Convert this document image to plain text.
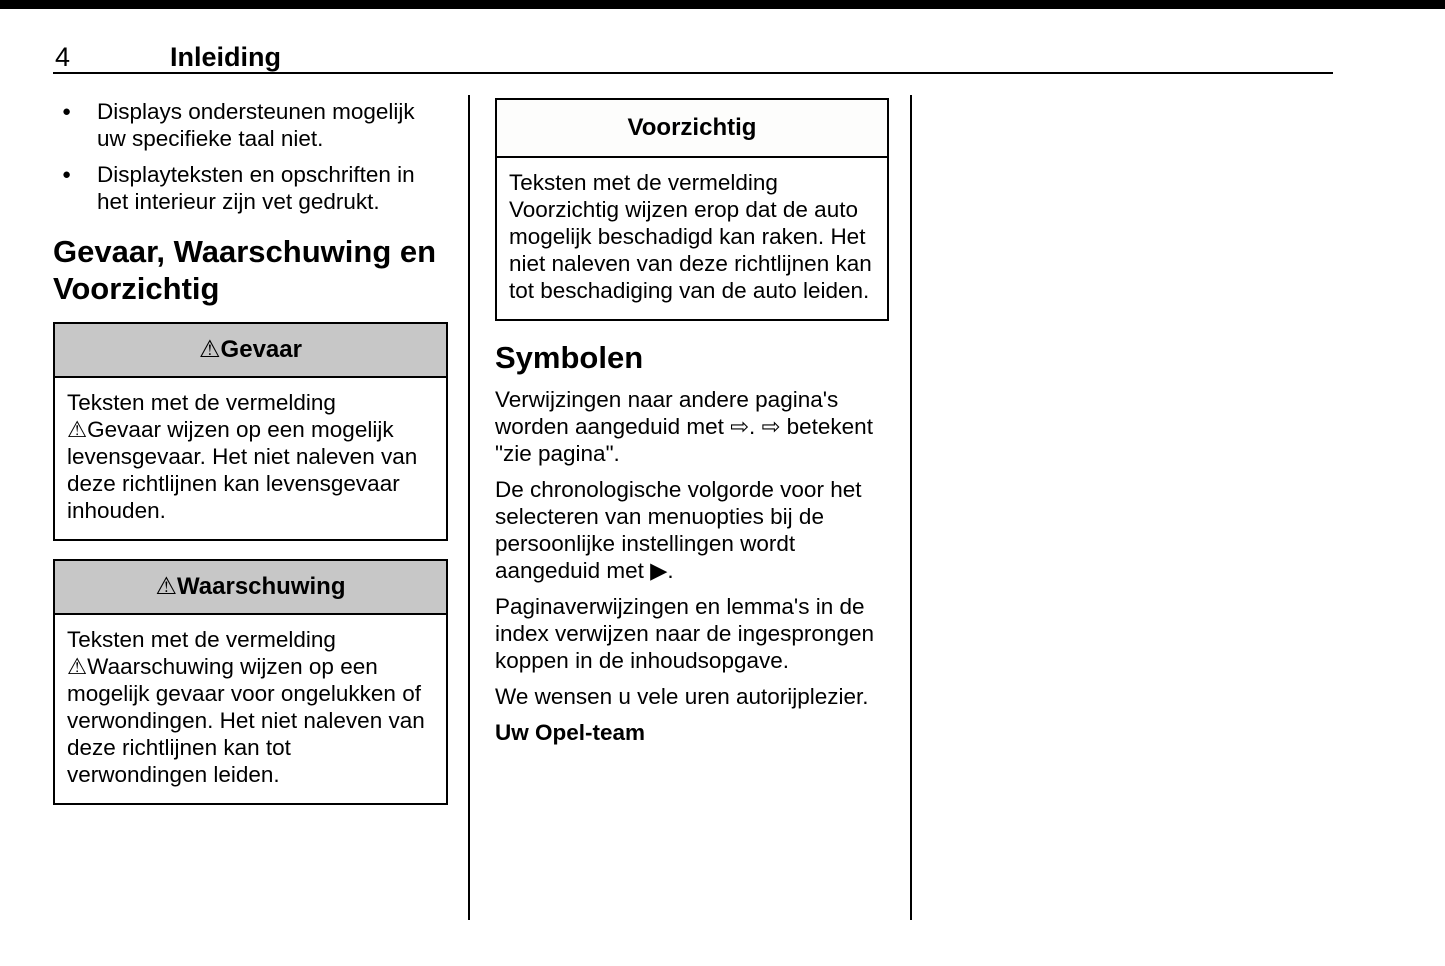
4	Inleiding
●	Displays ondersteunen mogelijk uw specifieke taal niet.
●	Displayteksten en opschriften in het interieur zijn vet gedrukt.
Gevaar, Waarschuwing en Voorzichtig
⚠Gevaar
Teksten met de vermelding ⚠Gevaar wijzen op een mogelijk levensgevaar. Het niet naleven van deze richtlijnen kan levensgevaar inhouden.
⚠Waarschuwing
Teksten met de vermelding ⚠Waarschuwing wijzen op een mogelijk gevaar voor ongelukken of verwondingen. Het niet naleven van deze richtlijnen kan tot verwondingen leiden.
Voorzichtig
Teksten met de vermelding Voorzichtig wijzen erop dat de auto mogelijk beschadigd kan raken. Het niet naleven van deze richtlijnen kan tot beschadiging van de auto leiden.
Symbolen

Verwijzingen naar andere pagina's worden aangeduid met ⇨. ⇨ betekent "zie pagina".

De chronologische volgorde voor het selecteren van menuopties bij de persoonlijke instellingen wordt aangeduid met ▶.

Paginaverwijzingen en lemma's in de index verwijzen naar de ingesprongen koppen in de inhoudsopgave.

We wensen u vele uren autorijplezier.

Uw Opel-team
